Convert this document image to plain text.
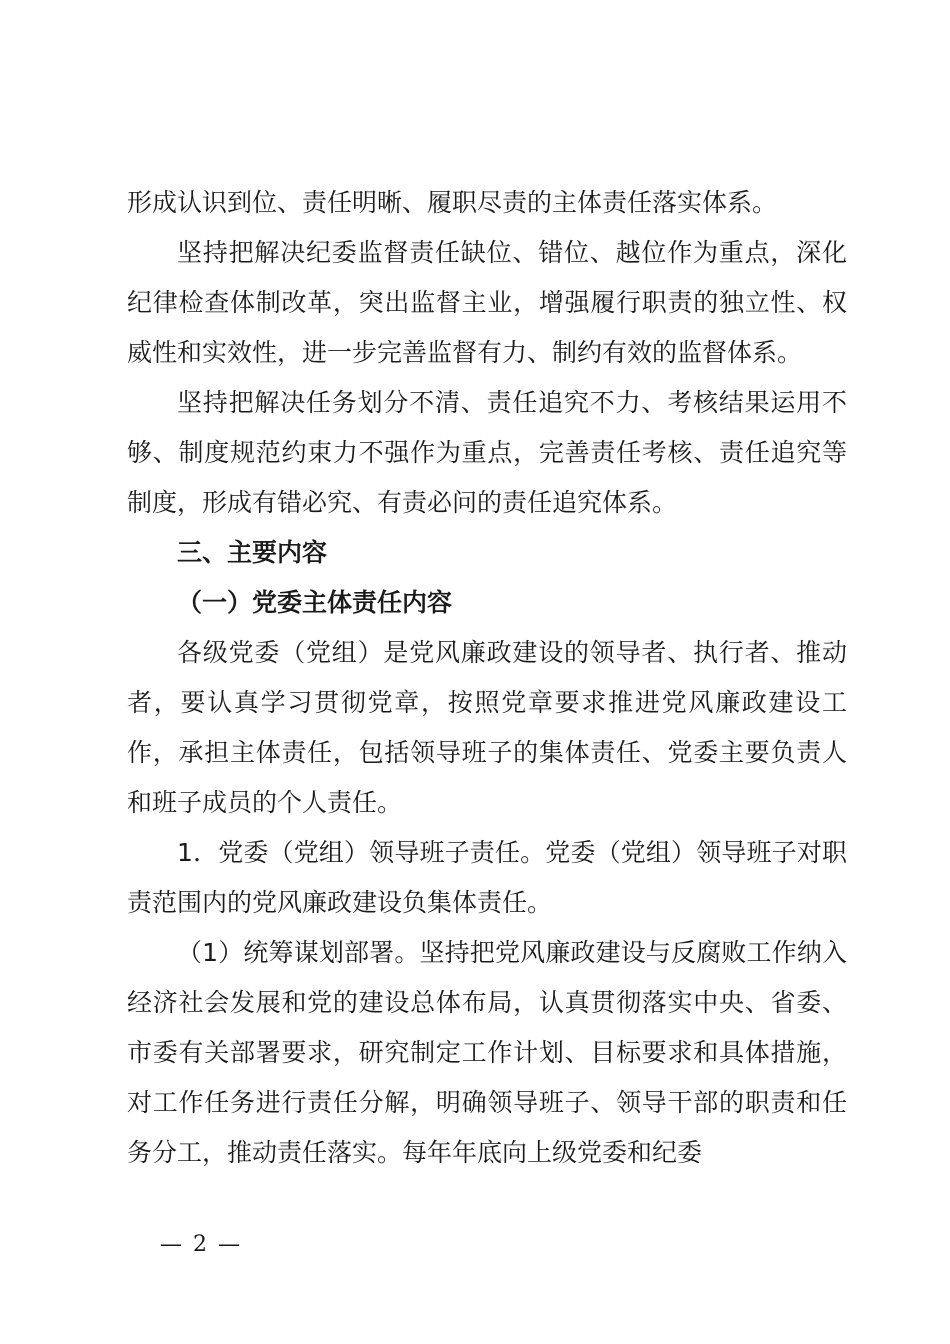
形成认识到位、责任明晰、履职尽责的主体责任落实体系。

坚持把解决纪委监督责任缺位、错位、越位作为重点，深化纪律检查体制改革，突出监督主业，增强履行职责的独立性、权威性和实效性，进一步完善监督有力、制约有效的监督体系。

坚持把解决任务划分不清、责任追究不力、考核结果运用不够、制度规范约束力不强作为重点，完善责任考核、责任追究等制度，形成有错必究、有责必问的责任追究体系。

三、主要内容

（一）党委主体责任内容

各级党委（党组）是党风廉政建设的领导者、执行者、推动者，要认真学习贯彻党章，按照党章要求推进党风廉政建设工作，承担主体责任，包括领导班子的集体责任、党委主要负责人和班子成员的个人责任。

1．党委（党组）领导班子责任。党委（党组）领导班子对职责范围内的党风廉政建设负集体责任。

（1）统筹谋划部署。坚持把党风廉政建设与反腐败工作纳入经济社会发展和党的建设总体布局，认真贯彻落实中央、省委、市委有关部署要求，研究制定工作计划、目标要求和具体措施，对工作任务进行责任分解，明确领导班子、领导干部的职责和任务分工，推动责任落实。每年年底向上级党委和纪委

— 2 —
